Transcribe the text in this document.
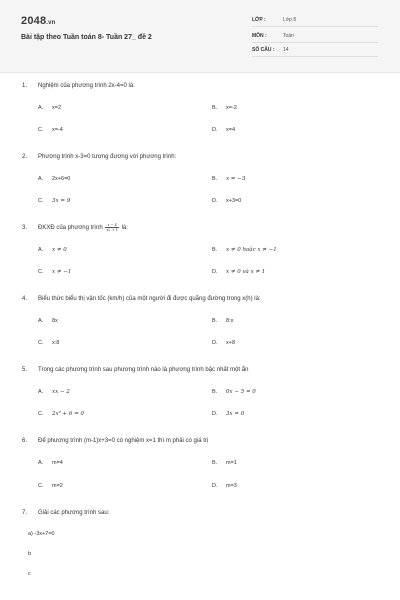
2048.vn
Bài tập theo Tuần toán 8- Tuần 27_ đề 2
LỚP :	Lớp 8
MÔN :	Toán
SỐ CÂU : 14
1. Nghiệm của phương trình 2x-4=0 là:
A. x=2	B. x=-2
C. x=-4	D. x=4
2. Phương trình x-3=0 tương đương với phương trình:
A. 2x+6=0	B. x = −3
C. 3x = 9	D. x+3=0
3. ĐKXĐ của phương trình $\frac{x - 4}{x2 + 1}$ là:
A. x ≠ 0	B. x ≠ 0 hoặc x ≠ −1
C. x ≠ −1	D. x ≠ 0 và x ≠ 1
4. Biểu thức biểu thị vận tốc (km/h) của một người đi được quãng đường trong x(h) là:
A. 8x	B. 8:x
C. x:8	D. x+8
5. Trong các phương trình sau phương trình nào là phương trình bậc nhất một ẩn
A. xx − 2	B. 0x − 5 = 0
C. 2x² + 6 = 0	D. 3x = 0
6. Để phương trình (m-1)x+3=0 có nghiệm x=1 thì m phải có giá trị
A. m=4	B. m=1
C. m=2	D. m=3
7. Giải các phương trình sau:
a) -3x+7=0
b
c
